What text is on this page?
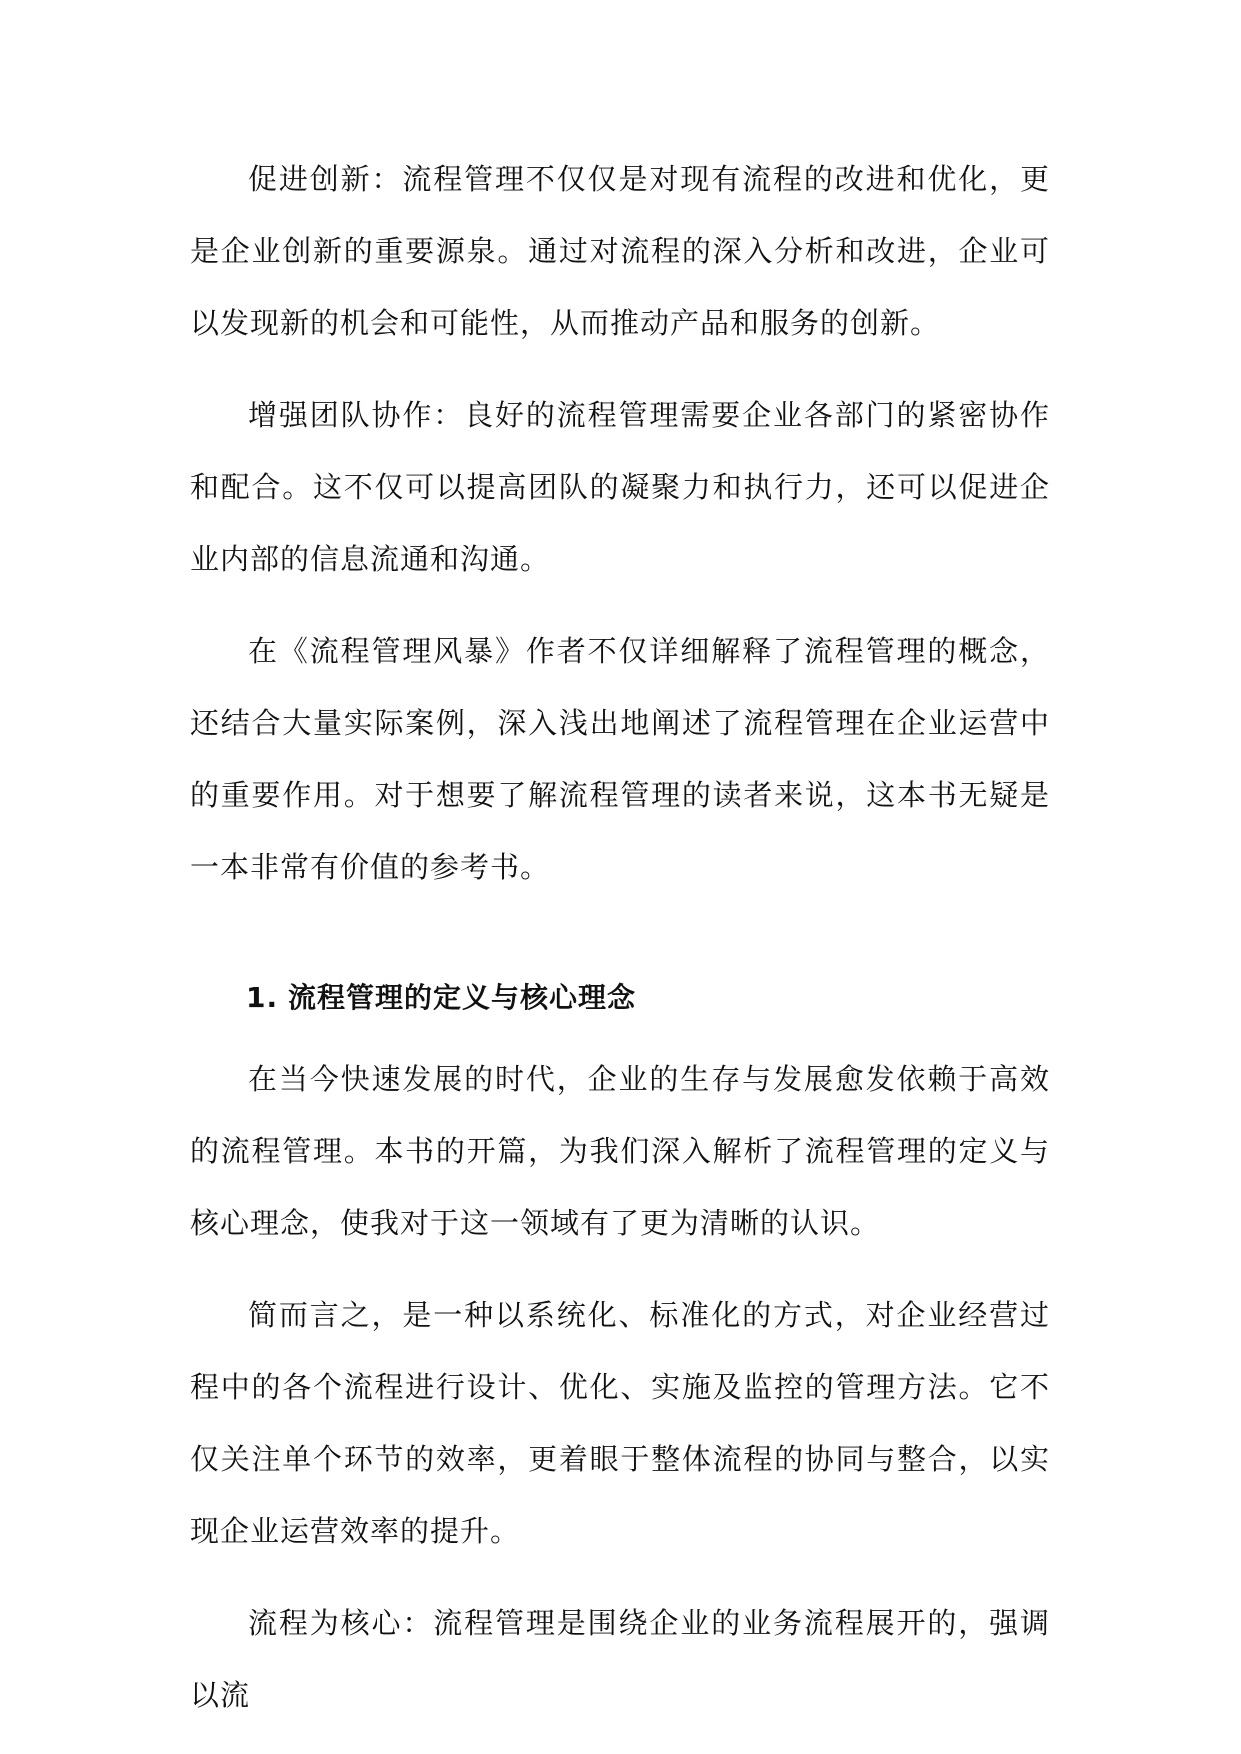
促进创新：流程管理不仅仅是对现有流程的改进和优化，更是企业创新的重要源泉。通过对流程的深入分析和改进，企业可以发现新的机会和可能性，从而推动产品和服务的创新。

增强团队协作：良好的流程管理需要企业各部门的紧密协作和配合。这不仅可以提高团队的凝聚力和执行力，还可以促进企业内部的信息流通和沟通。

在《流程管理风暴》作者不仅详细解释了流程管理的概念，还结合大量实际案例，深入浅出地阐述了流程管理在企业运营中的重要作用。对于想要了解流程管理的读者来说，这本书无疑是一本非常有价值的参考书。

1. 流程管理的定义与核心理念

在当今快速发展的时代，企业的生存与发展愈发依赖于高效的流程管理。本书的开篇，为我们深入解析了流程管理的定义与核心理念，使我对于这一领域有了更为清晰的认识。

简而言之，是一种以系统化、标准化的方式，对企业经营过程中的各个流程进行设计、优化、实施及监控的管理方法。它不仅关注单个环节的效率，更着眼于整体流程的协同与整合，以实现企业运营效率的提升。

流程为核心：流程管理是围绕企业的业务流程展开的，强调以流
